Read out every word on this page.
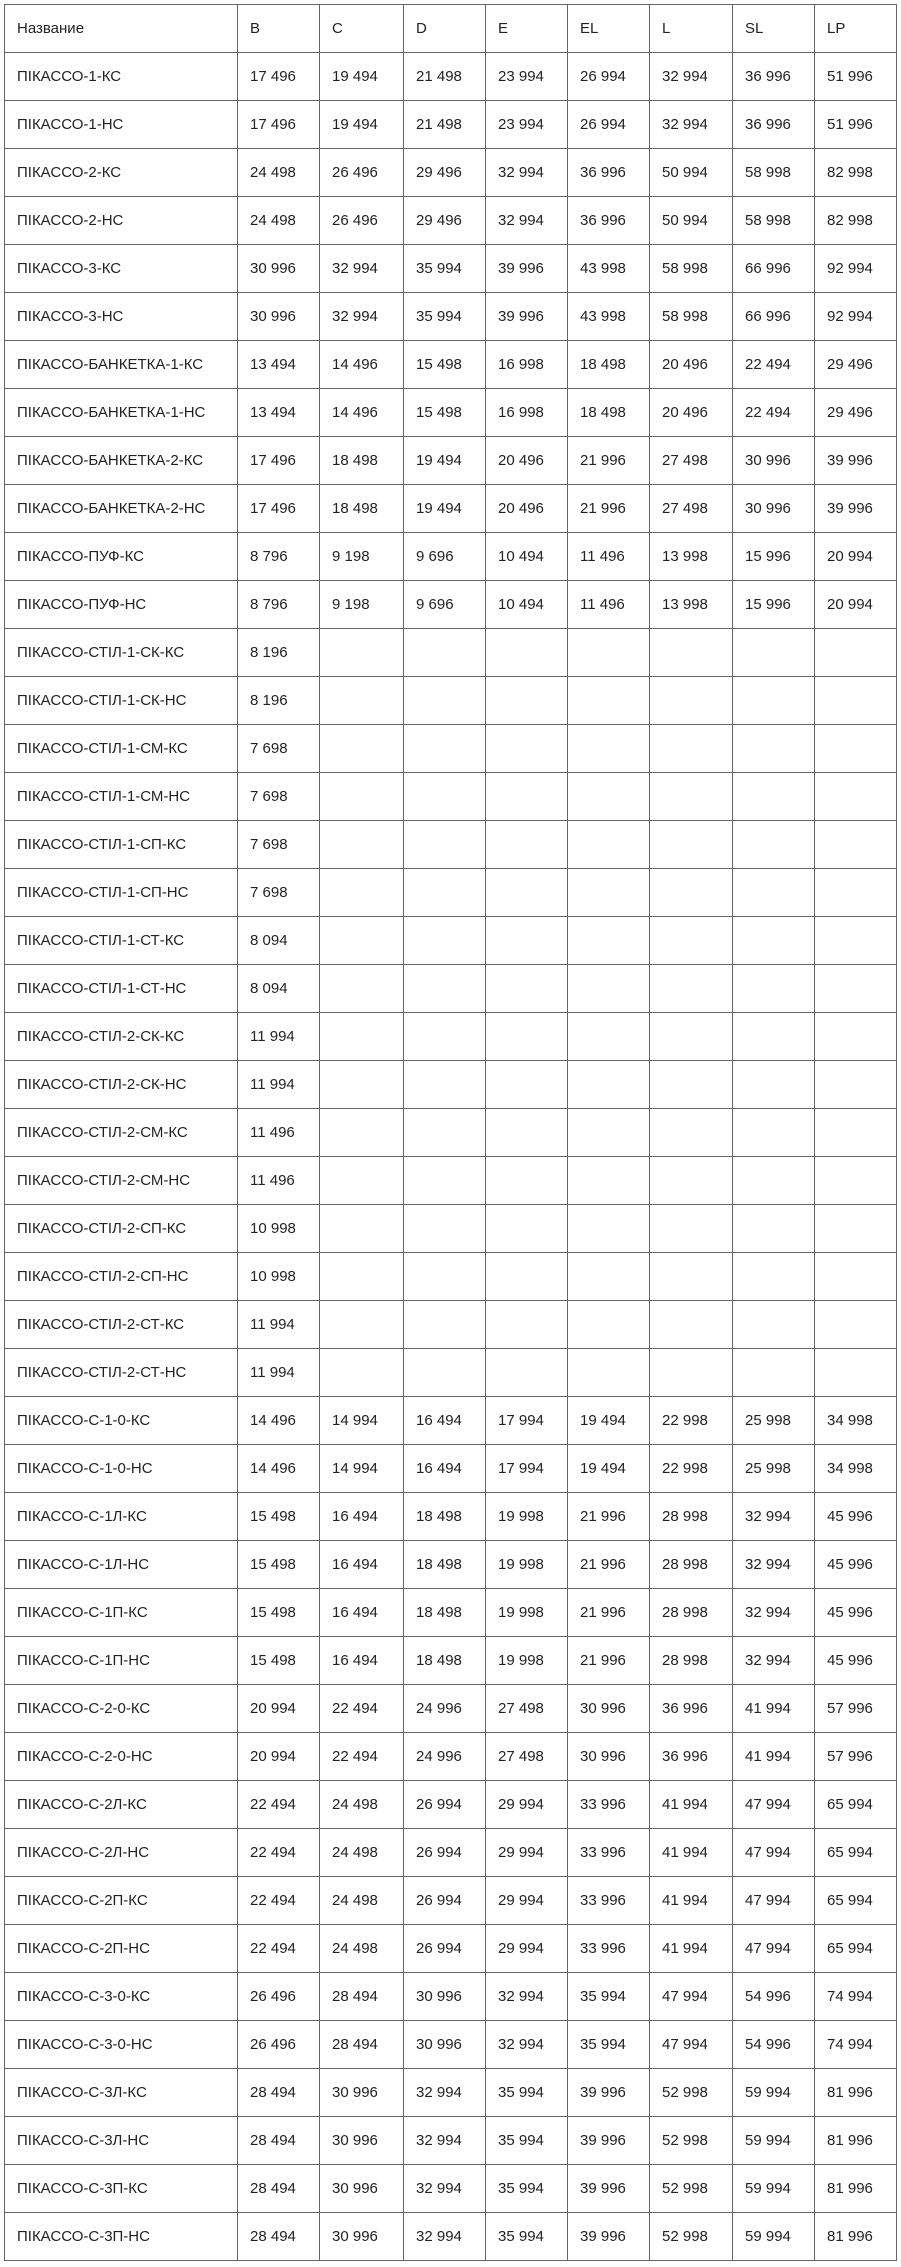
Название	B	C	D	E	EL	L	SL	LP
ПІКАССО-1-КС	17 496	19 494	21 498	23 994	26 994	32 994	36 996	51 996
ПІКАССО-1-НС	17 496	19 494	21 498	23 994	26 994	32 994	36 996	51 996
ПІКАССО-2-КС	24 498	26 496	29 496	32 994	36 996	50 994	58 998	82 998
ПІКАССО-2-НС	24 498	26 496	29 496	32 994	36 996	50 994	58 998	82 998
ПІКАССО-3-КС	30 996	32 994	35 994	39 996	43 998	58 998	66 996	92 994
ПІКАССО-3-НС	30 996	32 994	35 994	39 996	43 998	58 998	66 996	92 994
ПІКАССО-БАНКЕТКА-1-КС	13 494	14 496	15 498	16 998	18 498	20 496	22 494	29 496
ПІКАССО-БАНКЕТКА-1-НС	13 494	14 496	15 498	16 998	18 498	20 496	22 494	29 496
ПІКАССО-БАНКЕТКА-2-КС	17 496	18 498	19 494	20 496	21 996	27 498	30 996	39 996
ПІКАССО-БАНКЕТКА-2-НС	17 496	18 498	19 494	20 496	21 996	27 498	30 996	39 996
ПІКАССО-ПУФ-КС	8 796	9 198	9 696	10 494	11 496	13 998	15 996	20 994
ПІКАССО-ПУФ-НС	8 796	9 198	9 696	10 494	11 496	13 998	15 996	20 994
ПІКАССО-СТІЛ-1-СК-КС	8 196							
ПІКАССО-СТІЛ-1-СК-НС	8 196							
ПІКАССО-СТІЛ-1-СМ-КС	7 698							
ПІКАССО-СТІЛ-1-СМ-НС	7 698							
ПІКАССО-СТІЛ-1-СП-КС	7 698							
ПІКАССО-СТІЛ-1-СП-НС	7 698							
ПІКАССО-СТІЛ-1-СТ-КС	8 094							
ПІКАССО-СТІЛ-1-СТ-НС	8 094							
ПІКАССО-СТІЛ-2-СК-КС	11 994							
ПІКАССО-СТІЛ-2-СК-НС	11 994							
ПІКАССО-СТІЛ-2-СМ-КС	11 496							
ПІКАССО-СТІЛ-2-СМ-НС	11 496							
ПІКАССО-СТІЛ-2-СП-КС	10 998							
ПІКАССО-СТІЛ-2-СП-НС	10 998							
ПІКАССО-СТІЛ-2-СТ-КС	11 994							
ПІКАССО-СТІЛ-2-СТ-НС	11 994							
ПІКАССО-С-1-0-КС	14 496	14 994	16 494	17 994	19 494	22 998	25 998	34 998
ПІКАССО-С-1-0-НС	14 496	14 994	16 494	17 994	19 494	22 998	25 998	34 998
ПІКАССО-С-1Л-КС	15 498	16 494	18 498	19 998	21 996	28 998	32 994	45 996
ПІКАССО-С-1Л-НС	15 498	16 494	18 498	19 998	21 996	28 998	32 994	45 996
ПІКАССО-С-1П-КС	15 498	16 494	18 498	19 998	21 996	28 998	32 994	45 996
ПІКАССО-С-1П-НС	15 498	16 494	18 498	19 998	21 996	28 998	32 994	45 996
ПІКАССО-С-2-0-КС	20 994	22 494	24 996	27 498	30 996	36 996	41 994	57 996
ПІКАССО-С-2-0-НС	20 994	22 494	24 996	27 498	30 996	36 996	41 994	57 996
ПІКАССО-С-2Л-КС	22 494	24 498	26 994	29 994	33 996	41 994	47 994	65 994
ПІКАССО-С-2Л-НС	22 494	24 498	26 994	29 994	33 996	41 994	47 994	65 994
ПІКАССО-С-2П-КС	22 494	24 498	26 994	29 994	33 996	41 994	47 994	65 994
ПІКАССО-С-2П-НС	22 494	24 498	26 994	29 994	33 996	41 994	47 994	65 994
ПІКАССО-С-3-0-КС	26 496	28 494	30 996	32 994	35 994	47 994	54 996	74 994
ПІКАССО-С-3-0-НС	26 496	28 494	30 996	32 994	35 994	47 994	54 996	74 994
ПІКАССО-С-3Л-КС	28 494	30 996	32 994	35 994	39 996	52 998	59 994	81 996
ПІКАССО-С-3Л-НС	28 494	30 996	32 994	35 994	39 996	52 998	59 994	81 996
ПІКАССО-С-3П-КС	28 494	30 996	32 994	35 994	39 996	52 998	59 994	81 996
ПІКАССО-С-3П-НС	28 494	30 996	32 994	35 994	39 996	52 998	59 994	81 996
